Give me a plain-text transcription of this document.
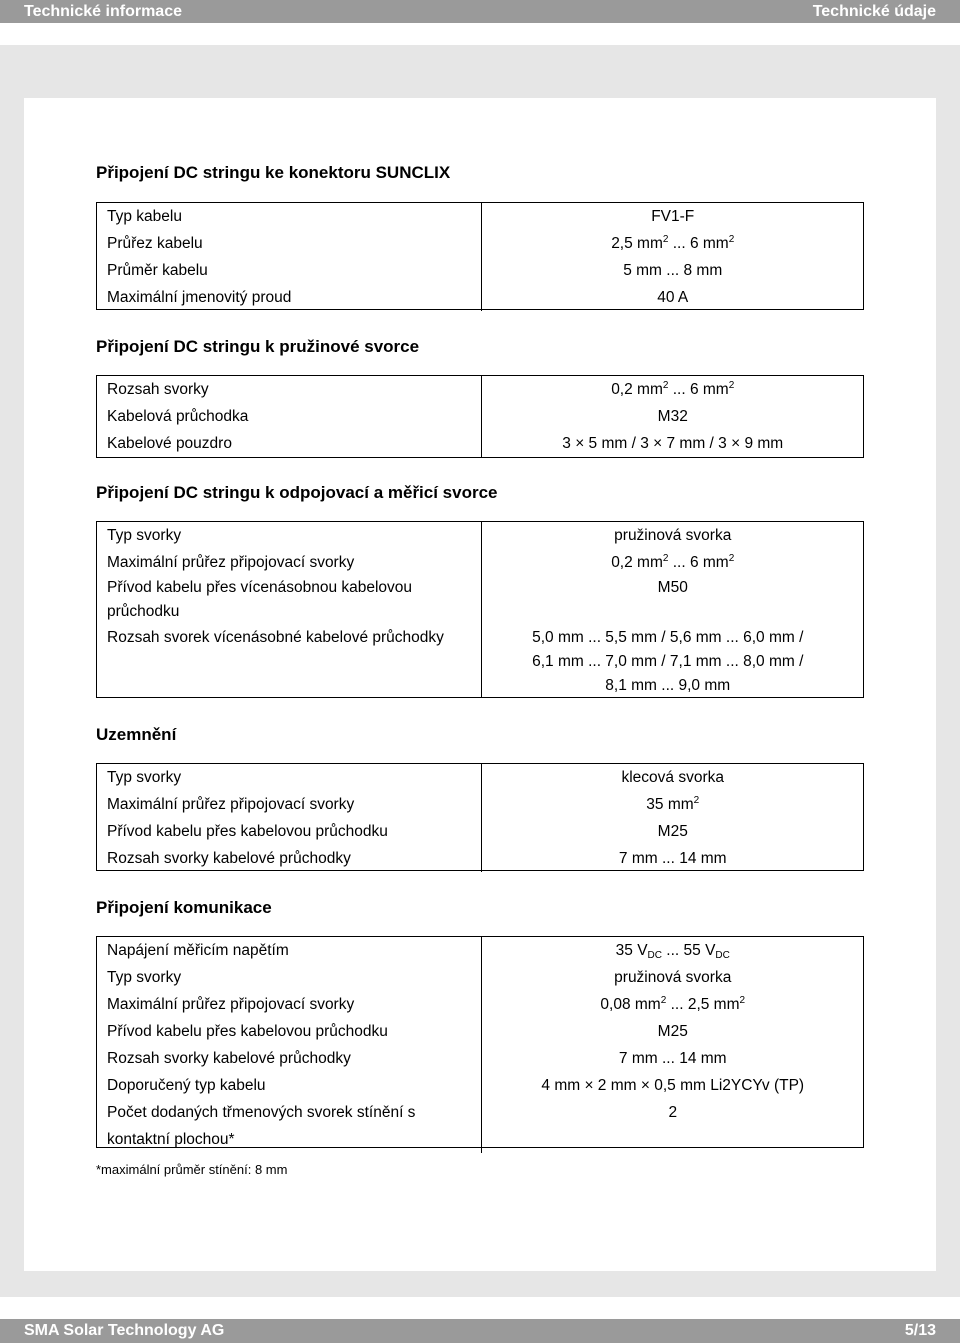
Technické informace	Technické údaje
Připojení DC stringu ke konektoru SUNCLIX
Typ kabelu	FV1-F
Průřez kabelu	2,5 $mm^2$ ... 6 $mm^2$
Průměr kabelu	5 mm ... 8 mm
Maximální jmenovitý proud	40 A
Připojení DC stringu k pružinové svorce
Rozsah svorky	0,2 $mm^2$ ... 6 $mm^2$
Kabelová průchodka	M32
Kabelové pouzdro	3 × 5 mm / 3 × 7 mm / 3 × 9 mm
Připojení DC stringu k odpojovací a měřicí svorce
Typ svorky	pružinová svorka
Maximální průřez připojovací svorky	0,2 $mm^2$ ... 6 $mm^2$
Přívod kabelu přes vícenásobnou kabelovou průchodku	M50
Rozsah svorek vícenásobné kabelové průchodky	5,0 mm ... 5,5 mm / 5,6 mm ... 6,0 mm / 6,1 mm ... 7,0 mm / 7,1 mm ... 8,0 mm / 8,1 mm ... 9,0 mm
Uzemnění
Typ svorky	klecová svorka
Maximální průřez připojovací svorky	35 $mm^2$
Přívod kabelu přes kabelovou průchodku	M25
Rozsah svorky kabelové průchodky	7 mm ... 14 mm
Připojení komunikace
Napájení měřicím napětím	35 $V_{DC}$ ... 55 $V_{DC}$
Typ svorky	pružinová svorka
Maximální průřez připojovací svorky	0,08 $mm^2$ ... 2,5 $mm^2$
Přívod kabelu přes kabelovou průchodku	M25
Rozsah svorky kabelové průchodky	7 mm ... 14 mm
Doporučený typ kabelu	4 mm × 2 mm × 0,5 mm Li2YCYv (TP)
Počet dodaných třmenových svorek stínění s kontaktní plochou*	2
*maximální průměr stínění: 8 mm
SMA Solar Technology AG	5/13
